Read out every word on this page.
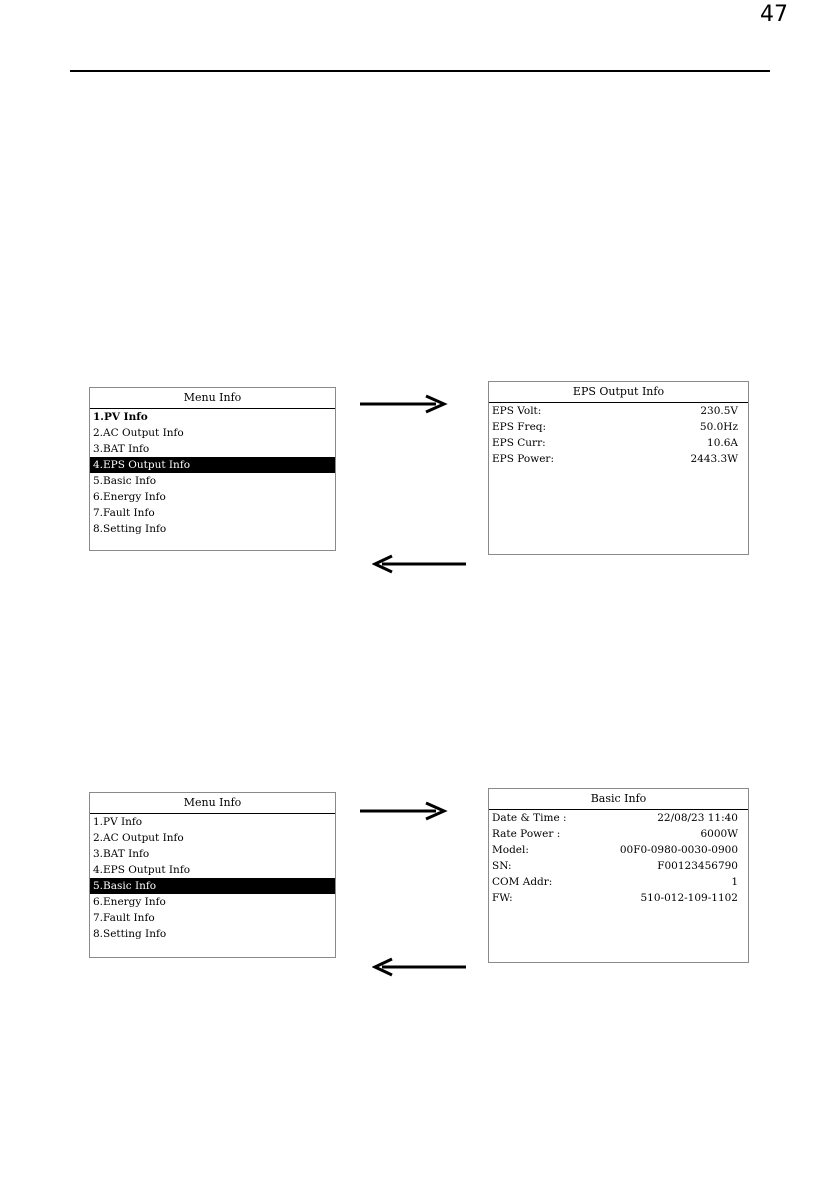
47
Menu Info
1.PV Info
2.AC Output Info
3.BAT Info
4.EPS Output Info
5.Basic Info
6.Energy Info
7.Fault Info
8.Setting Info
EPS Output Info
EPS Volt:	230.5V
EPS Freq:	50.0Hz
EPS Curr:	10.6A
EPS Power:	2443.3W
Menu Info
1.PV Info
2.AC Output Info
3.BAT Info
4.EPS Output Info
5.Basic Info
6.Energy Info
7.Fault Info
8.Setting Info
Basic Info
Date & Time :	22/08/23 11:40
Rate Power :	6000W
Model:	00F0-0980-0030-0900
SN:	F00123456790
COM Addr:	1
FW:	510-012-109-1102
